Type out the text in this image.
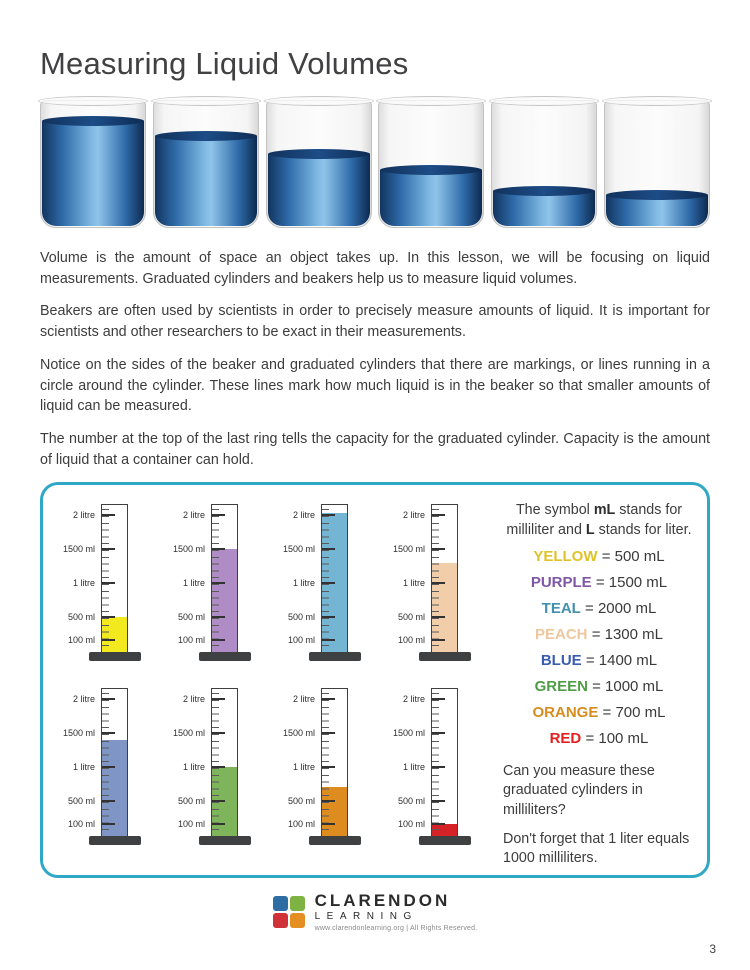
Measuring Liquid Volumes

Volume is the amount of space an object takes up. In this lesson, we will be focusing on liquid measurements. Graduated cylinders and beakers help us to measure liquid volumes.

Beakers are often used by scientists in order to precisely measure amounts of liquid. It is important for scientists and other researchers to be exact in their measurements.

Notice on the sides of the beaker and graduated cylinders that there are markings, or lines running in a circle around the cylinder. These lines mark how much liquid is in the beaker so that smaller amounts of liquid can be measured.

The number at the top of the last ring tells the capacity for the graduated cylinder. Capacity is the amount of liquid that a container can hold.

2 litre
1500 ml
1 litre
500 ml
100 ml
2 litre
1500 ml
1 litre
500 ml
100 ml
2 litre
1500 ml
1 litre
500 ml
100 ml
2 litre
1500 ml
1 litre
500 ml
100 ml
2 litre
1500 ml
1 litre
500 ml
100 ml
2 litre
1500 ml
1 litre
500 ml
100 ml
2 litre
1500 ml
1 litre
500 ml
100 ml
2 litre
1500 ml
1 litre
500 ml
100 ml
The symbol mL stands for milliliter and L stands for liter.
YELLOW = 500 mL
PURPLE = 1500 mL
TEAL = 2000 mL
PEACH = 1300 mL
BLUE = 1400 mL
GREEN = 1000 mL
ORANGE = 700 mL
RED = 100 mL

Can you measure these graduated cylinders in milliliters?

Don't forget that 1 liter equals 1000 milliliters.

CLARENDON
LEARNING
www.clarendonlearning.org | All Rights Reserved.
3
